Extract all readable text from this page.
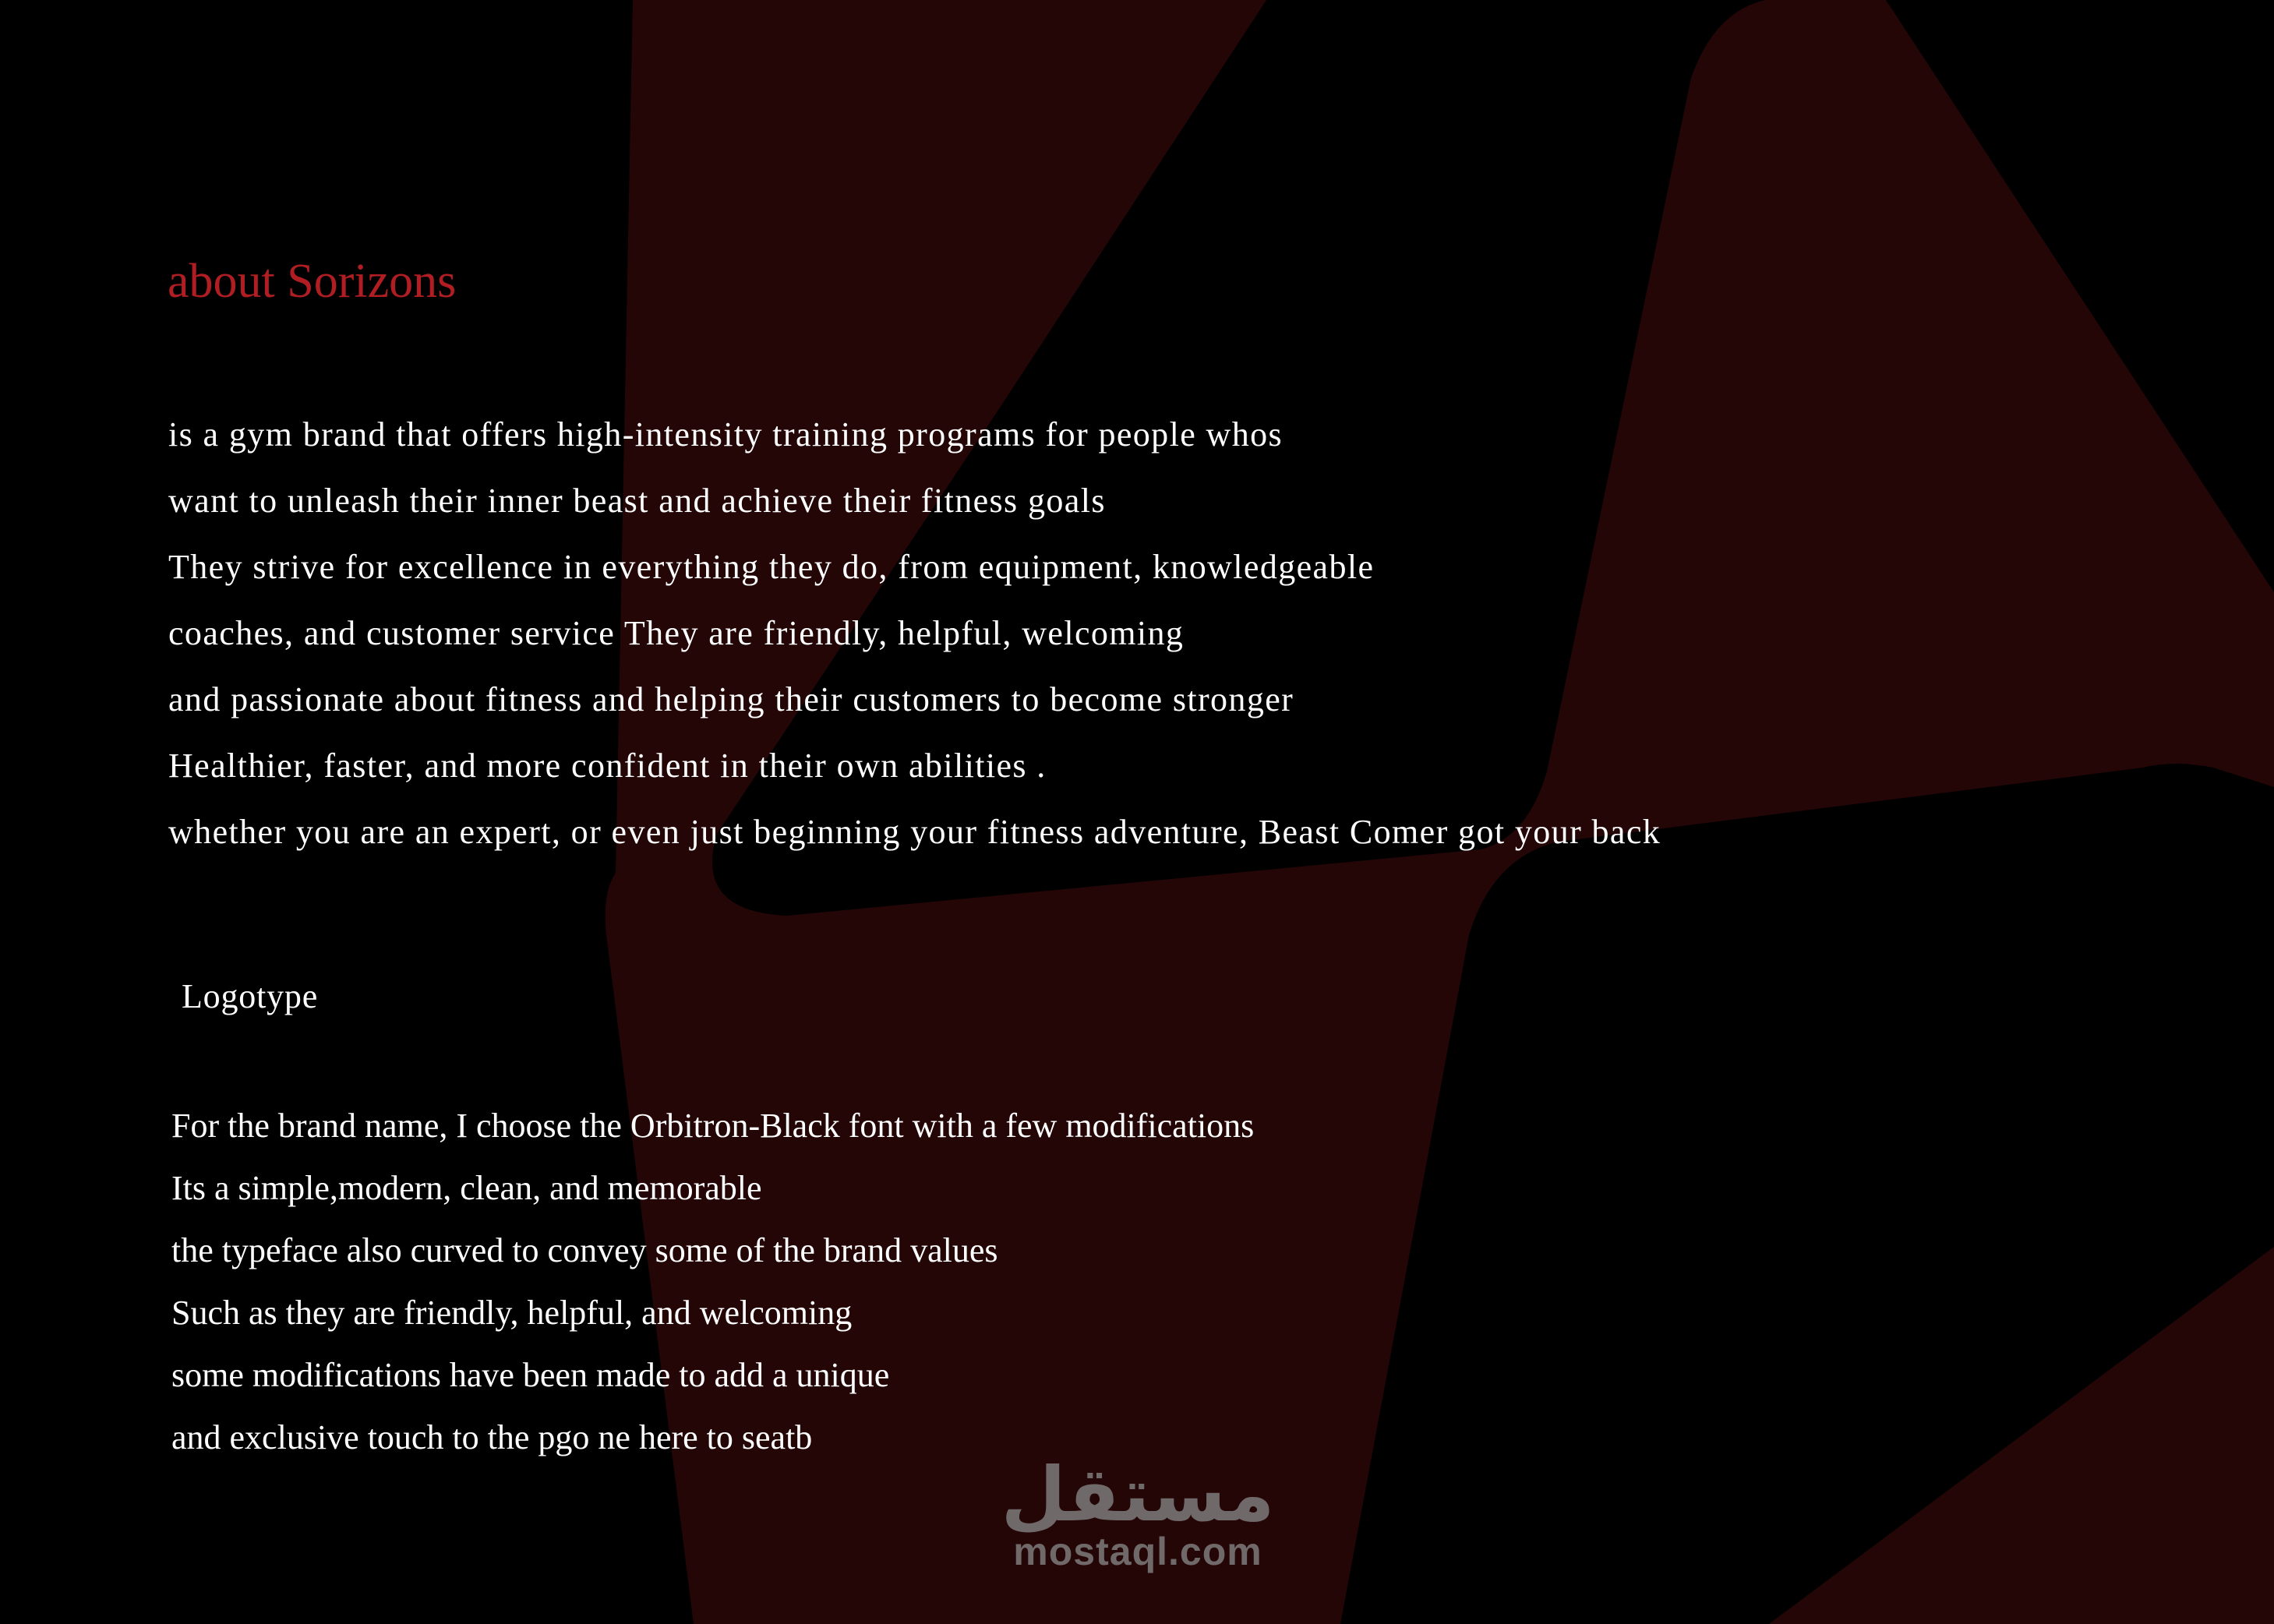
about Sorizons
is a gym brand that offers high-intensity training programs for people whos
want to unleash their inner beast and achieve their fitness goals
They strive for excellence in everything they do, from equipment, knowledgeable
coaches, and customer service They are friendly, helpful, welcoming
and passionate about fitness and helping their customers to become stronger
Healthier, faster, and more confident in their own abilities .
whether you are an expert, or even just beginning your fitness adventure, Beast Comer got your back
Logotype
For the brand name, I choose the Orbitron-Black font with a few modifications
Its a simple,modern, clean, and memorable
the typeface also curved to convey some of the brand values
Such as they are friendly, helpful, and welcoming
some modifications have been made to add a unique
and exclusive touch to the pgo ne here to seatb
مستقل
mostaql.com
